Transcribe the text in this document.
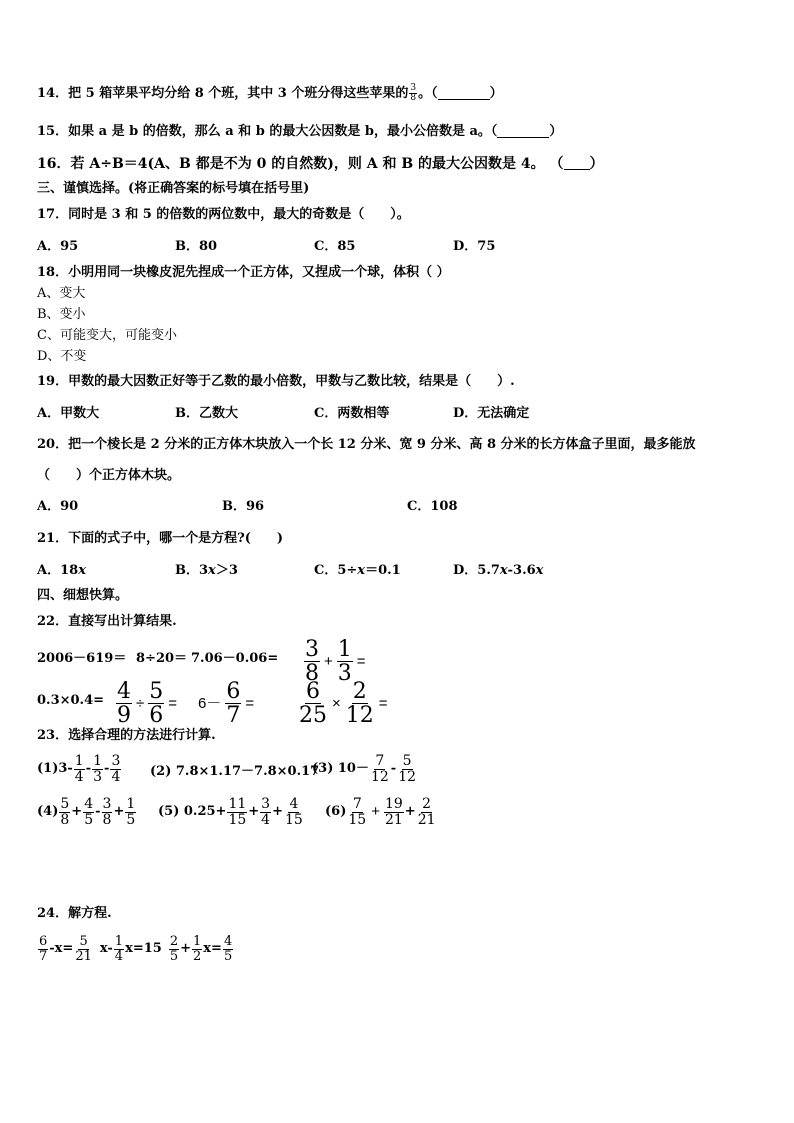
14．把 5 箱苹果平均分给 8 个班，其中 3 个班分得这些苹果的 $\frac{3}{8}$ 。（	）
15．如果 a 是 b 的倍数，那么 a 和 b 的最大公因数是 b，最小公倍数是 a。（	）
16．若 A÷B＝4(A、B 都是不为 0 的自然数)，则 A 和 B 的最大公因数是 4。 （ ）
三、谨慎选择。(将正确答案的标号填在括号里)
17．同时是 3 和 5 的倍数的两位数中，最大的奇数是（　　）。
A．95	B．80	C．85	D．75
18．小明用同一块橡皮泥先捏成一个正方体，又捏成一个球，体积（ ）
A、变大
B、变小
C、可能变大，可能变小
D、不变
19．甲数的最大因数正好等于乙数的最小倍数，甲数与乙数比较，结果是（　　）.
A．甲数大	B．乙数大	C．两数相等	D．无法确定
20．把一个棱长是 2 分米的正方体木块放入一个长 12 分米、宽 9 分米、高 8 分米的长方体盒子里面，最多能放
（　　）个正方体木块。
A．90	B．96	C．108
21．下面的式子中，哪一个是方程?(　　)
A．18x	B．3x＞3	C．5÷x＝0.1	D．5.7x-3.6x
四、细想快算。
22．直接写出计算结果.
$2006-619= 8\div 20= 7.06-0.06= \frac{3}{8} + \frac{1}{3}$ =
$0.3\times 0.4= \frac{4}{9} \div \frac{5}{6} = 6- \frac{6}{7} = \frac{6}{25} \times \frac{2}{12}$ =
23．选择合理的方法进行计算.
$(1)3- \frac{1}{4} - \frac{1}{3} - \frac{3}{4} (2)$ 7.8×1.17－7.8×0.17
(3) $10- \frac{7}{12} - \frac{5}{12}$
$(4) \frac{5}{8} + \frac{4}{5} - \frac{3}{8} + \frac{1}{5} (5)$ $0.25+ \frac{11}{15} + \frac{3}{4} + \frac{4}{15} (6) \frac{7}{15} + \frac{19}{21} + \frac{2}{21}$
24．解方程.
$\frac{6}{7} -x= \frac{5}{21} x- \frac{1}{4} x=15 \frac{2}{5} + \frac{1}{2} x= \frac{4}{5}$
